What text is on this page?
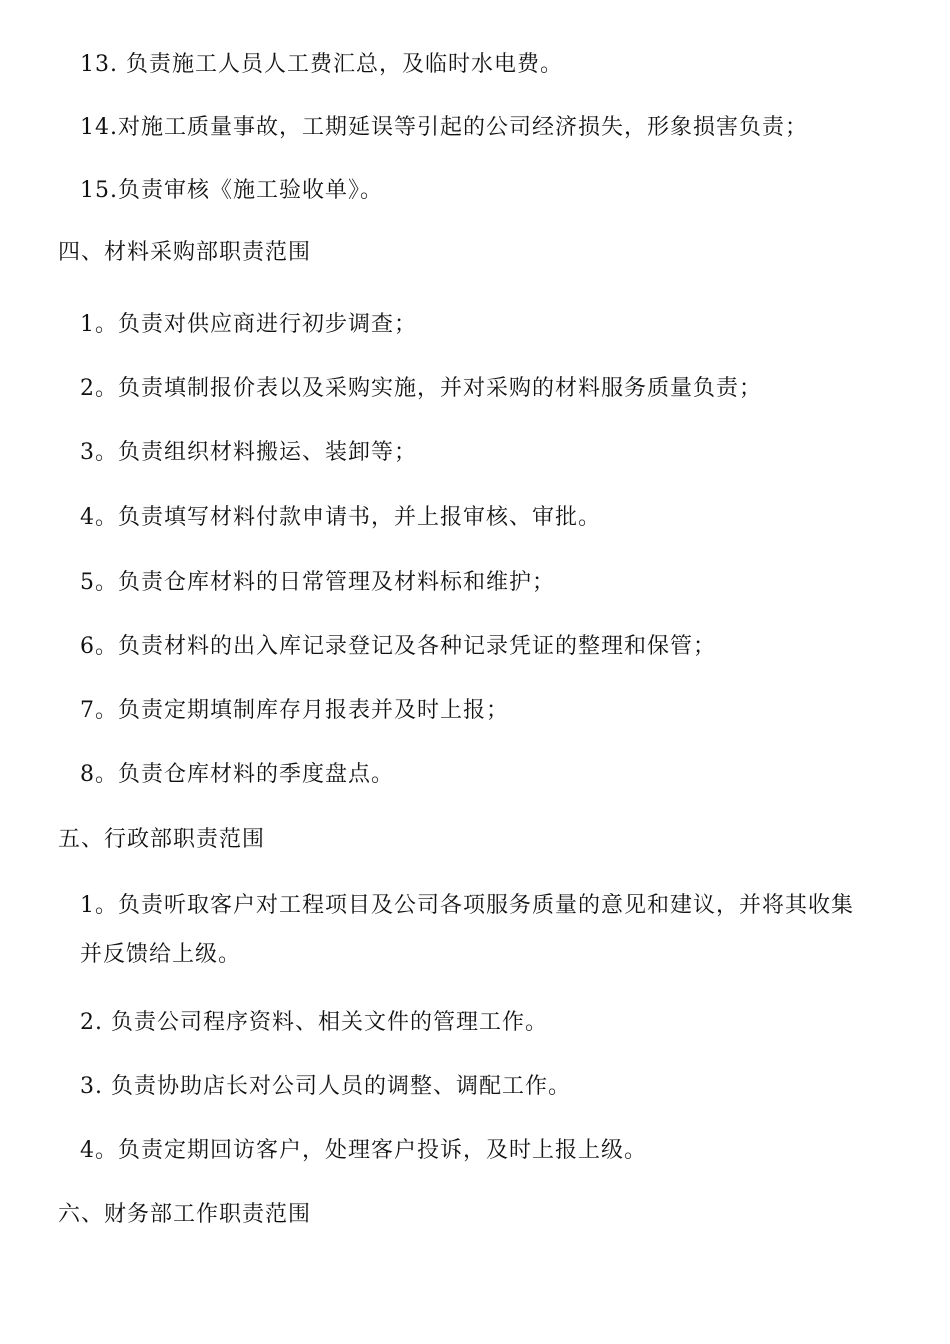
13. 负责施工人员人工费汇总，及临时水电费。
14.对施工质量事故，工期延误等引起的公司经济损失，形象损害负责；
15.负责审核《施工验收单》。
四、材料采购部职责范围
1。负责对供应商进行初步调查；
2。负责填制报价表以及采购实施，并对采购的材料服务质量负责；
3。负责组织材料搬运、装卸等；
4。负责填写材料付款申请书，并上报审核、审批。
5。负责仓库材料的日常管理及材料标和维护；
6。负责材料的出入库记录登记及各种记录凭证的整理和保管；
7。负责定期填制库存月报表并及时上报；
8。负责仓库材料的季度盘点。
五、行政部职责范围
1。负责听取客户对工程项目及公司各项服务质量的意见和建议，并将其收集
并反馈给上级。
2. 负责公司程序资料、相关文件的管理工作。
3. 负责协助店长对公司人员的调整、调配工作。
4。负责定期回访客户，处理客户投诉，及时上报上级。
六、财务部工作职责范围
